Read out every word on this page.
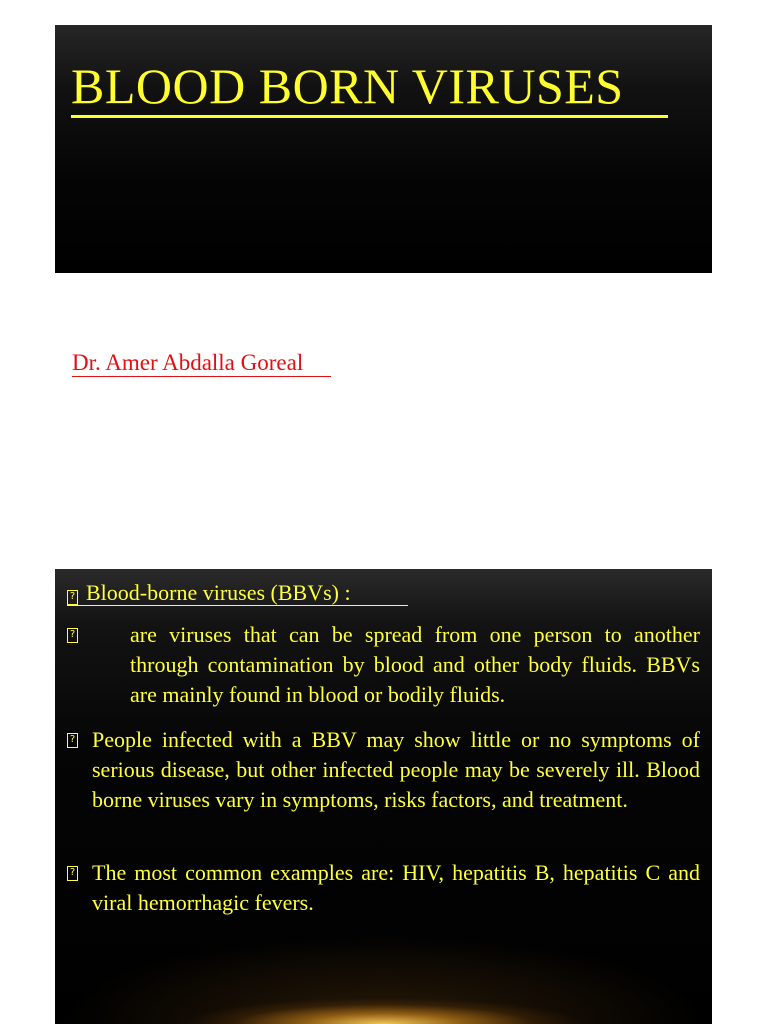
BLOOD BORN VIRUSES
Dr. Amer Abdalla Goreal
? Blood-borne viruses (BBVs) :
?	are viruses that can be spread from one person to another through contamination by blood and other body fluids. BBVs are mainly found in blood or bodily fluids.

? People infected with a BBV may show little or no symptoms of serious disease, but other infected people may be severely ill. Blood borne viruses vary in symptoms, risks factors, and treatment.

? The most common examples are: HIV, hepatitis B, hepatitis C and viral hemorrhagic fevers.
